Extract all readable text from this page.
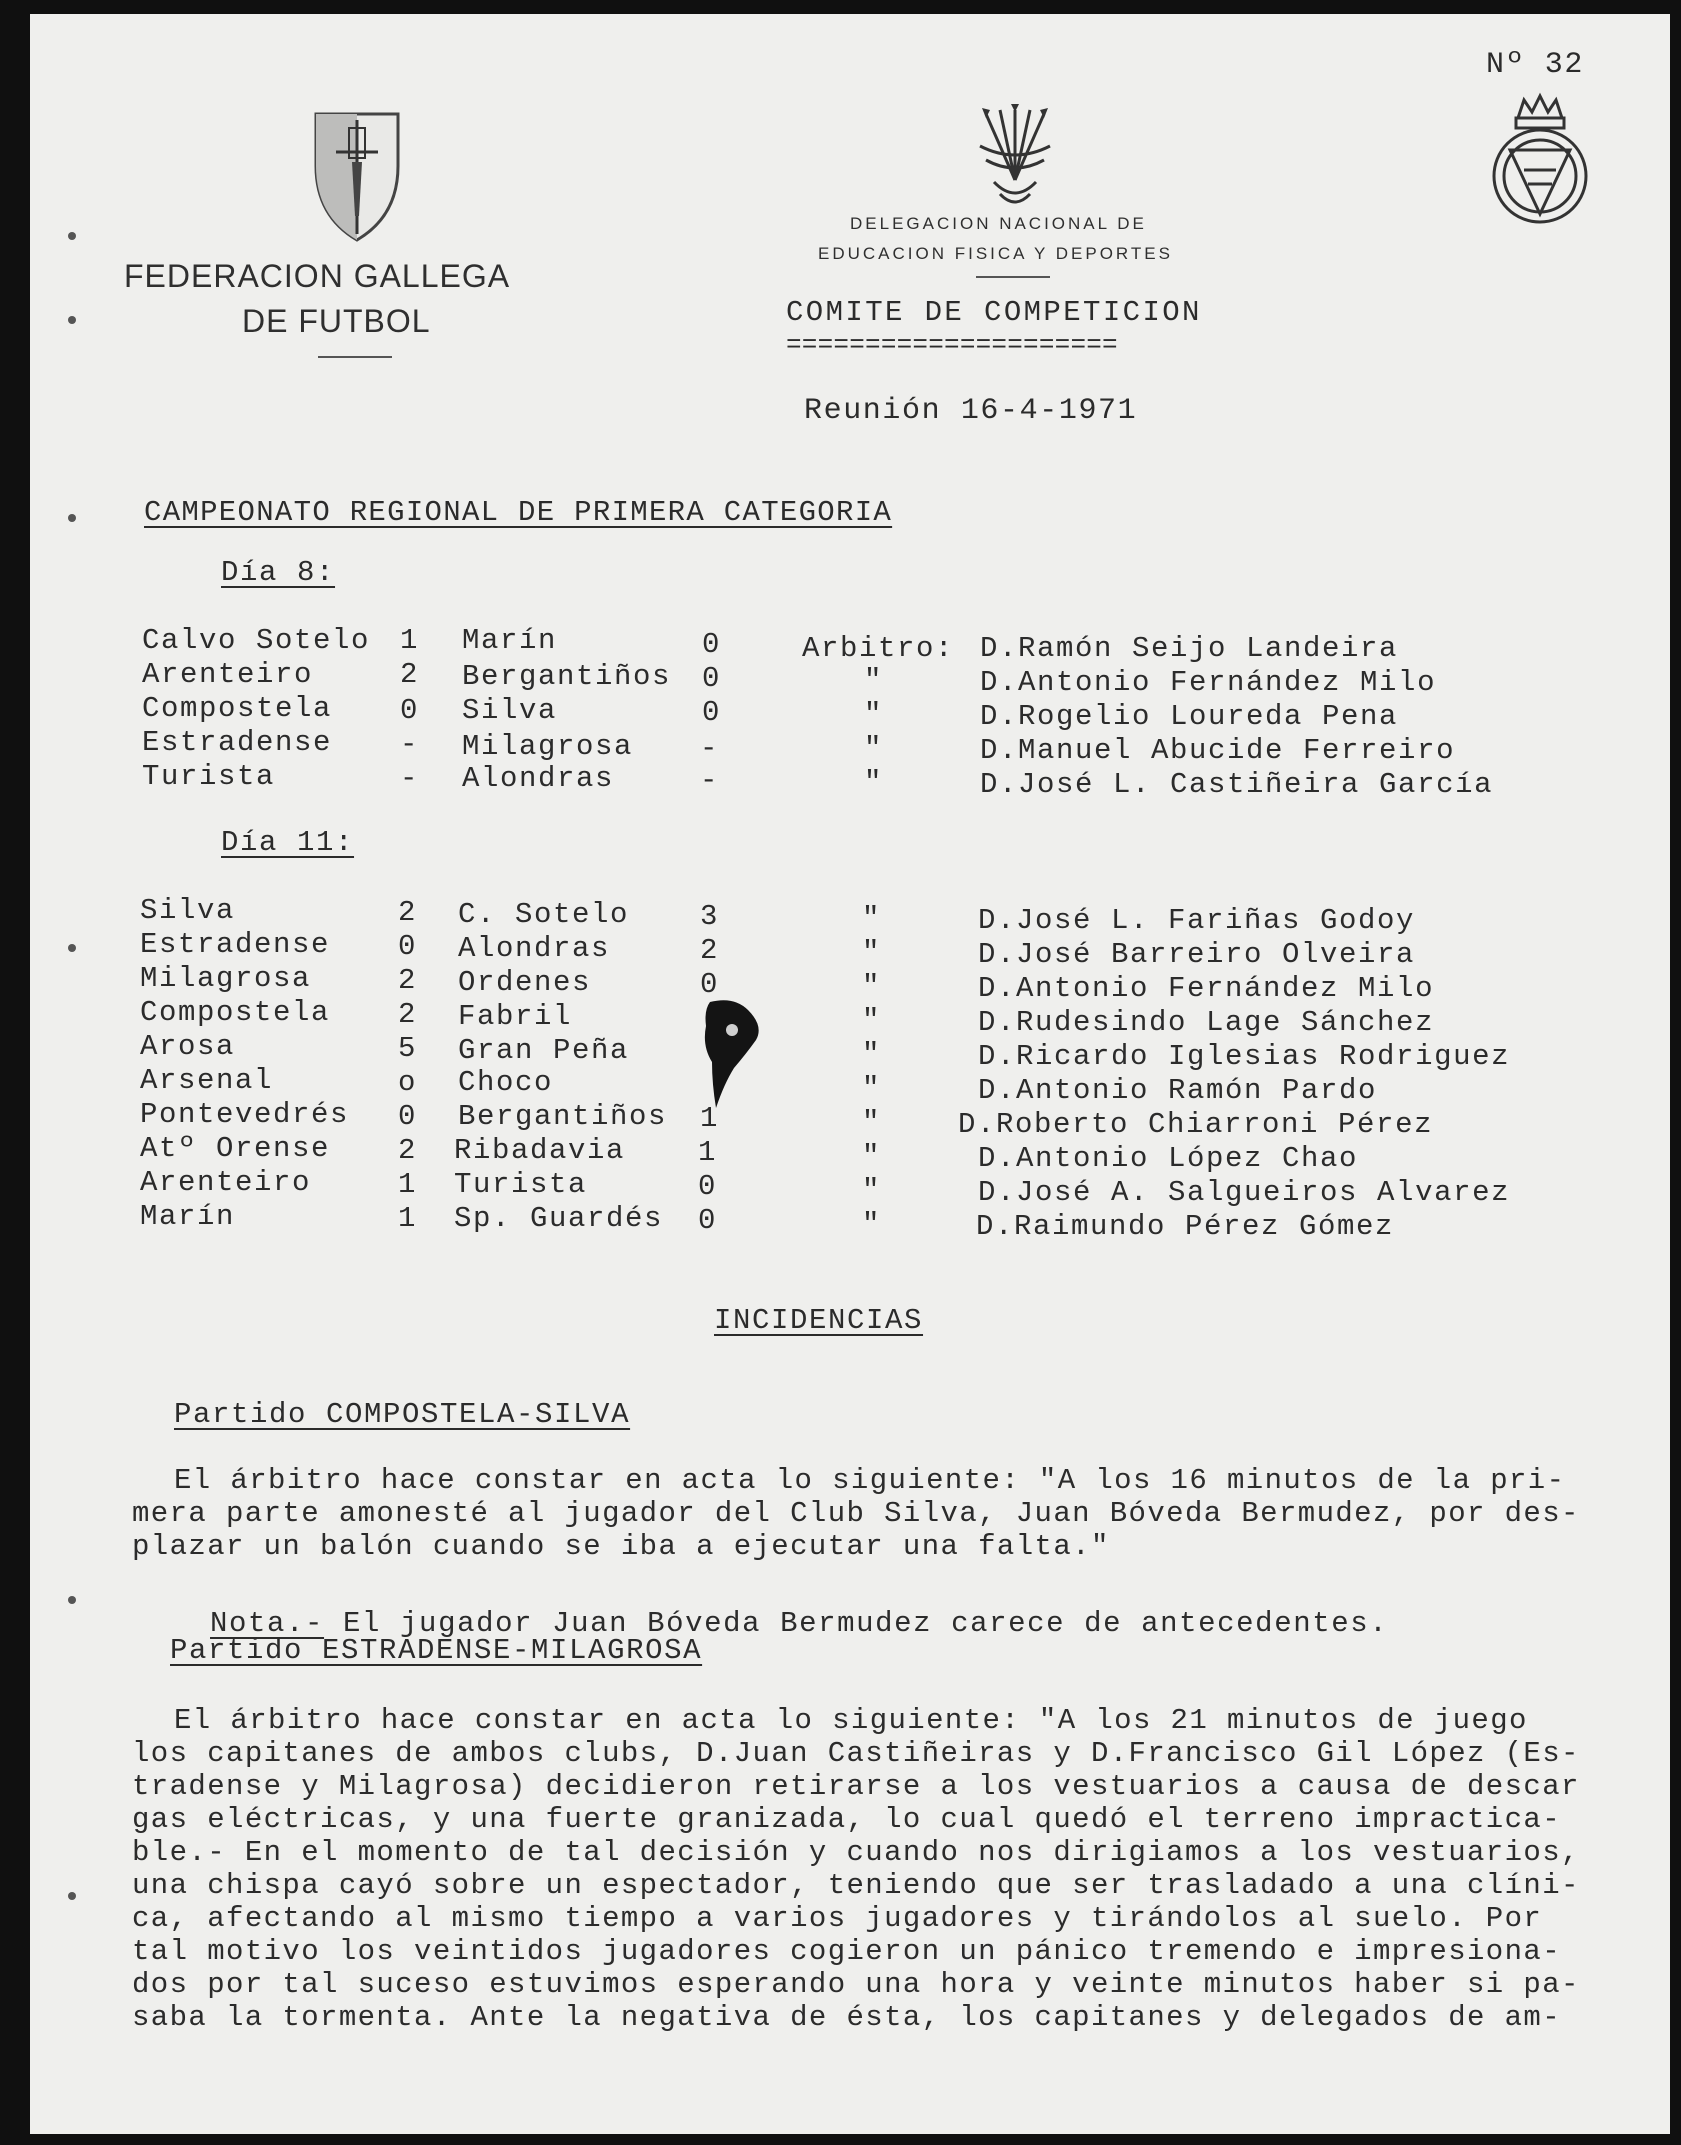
Nº 32
FEDERACION GALLEGA
DE FUTBOL
DELEGACION NACIONAL DE
EDUCACION FISICA Y DEPORTES
COMITE DE COMPETICION
=====================
Reunión 16-4-1971
CAMPEONATO REGIONAL DE PRIMERA CATEGORIA
Día 8:
Calvo Sotelo 1 Marín	0	Arbitro: D.Ramón Seijo Landeira
Arenteiro	2 Bergantiños 0	"	D.Antonio Fernández Milo
Compostela 0 Silva	0	"	D.Rogelio Loureda Pena
Estradense - Milagrosa -	"	D.Manuel Abucide Ferreiro
Turista	- Alondras	-	"	D.José L. Castiñeira García
Día 11:
Silva	2 C. Sotelo 3	"	D.José L. Fariñas Godoy
Estradense 0 Alondras	2	"	D.José Barreiro Olveira
Milagrosa	2 Ordenes	0	"	D.Antonio Fernández Milo
Compostela 2 Fabril	"	D.Rudesindo Lage Sánchez
Arosa	5 Gran Peña	"	D.Ricardo Iglesias Rodriguez
Arsenal	o Choco	"	D.Antonio Ramón Pardo
Pontevedrés 0 Bergantiños 1	"	D.Roberto Chiarroni Pérez
Atº Orense 2 Ribadavia	1	"	D.Antonio López Chao
Arenteiro	1 Turista	0	"	D.José A. Salgueiros Alvarez
Marín	1 Sp. Guardés 0	"	D.Raimundo Pérez Gómez
INCIDENCIAS
Partido COMPOSTELA-SILVA
El árbitro hace constar en acta lo siguiente: "A los 16 minutos de la pri-
mera parte amonesté al jugador del Club Silva, Juan Bóveda Bermudez, por des-
plazar un balón cuando se iba a ejecutar una falta."

Nota.- El jugador Juan Bóveda Bermudez carece de antecedentes.

Partido ESTRADENSE-MILAGROSA
El árbitro hace constar en acta lo siguiente: "A los 21 minutos de juego
los capitanes de ambos clubs, D.Juan Castiñeiras y D.Francisco Gil López (Es-
tradense y Milagrosa) decidieron retirarse a los vestuarios a causa de descar
gas eléctricas, y una fuerte granizada, lo cual quedó el terreno impractica-
ble.- En el momento de tal decisión y cuando nos dirigiamos a los vestuarios,
una chispa cayó sobre un espectador, teniendo que ser trasladado a una clíni-
ca, afectando al mismo tiempo a varios jugadores y tirándolos al suelo. Por
tal motivo los veintidos jugadores cogieron un pánico tremendo e impresiona-
dos por tal suceso estuvimos esperando una hora y veinte minutos haber si pa-
saba la tormenta. Ante la negativa de ésta, los capitanes y delegados de am-
